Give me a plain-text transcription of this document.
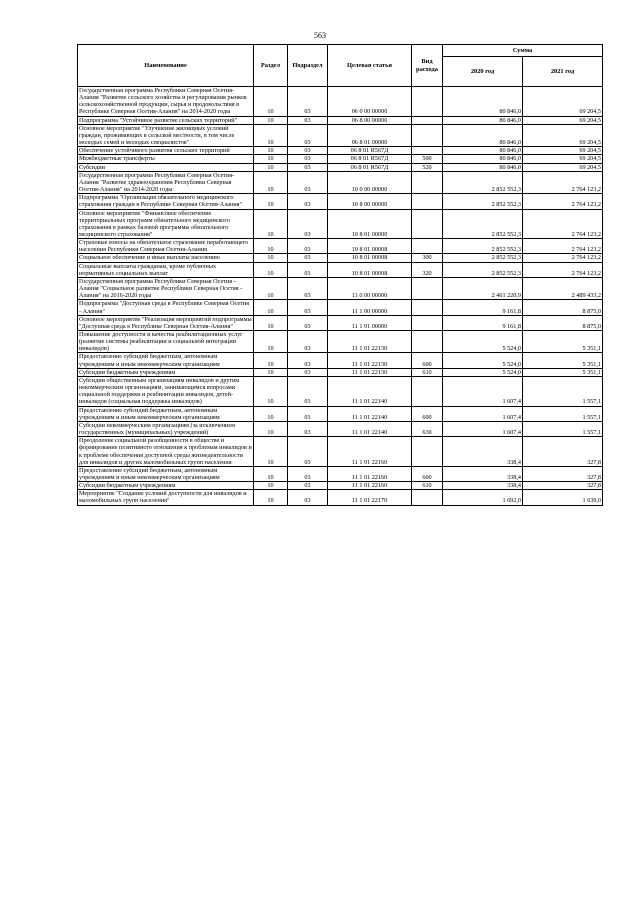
563
Наименование	Раздел	Подраздел	Целевая статья	Вид расхода	Сумма	
					2020 год	2021 год
Государственная программа Республики Северная Осетия-Алания "Развитие сельского хозяйства и регулирования рынков сельскохозяйственной продукции, сырья и продовольствия в Республике Северная Осетия-Алания" на 2014-2020 годы	10	03	06 0 00 00000		80 846,0	69 204,5
Подпрограмма "Устойчивое развитие сельских территорий"	10	03	06 8 00 00000		80 846,0	69 204,5
Основное мероприятие "Улучшение жилищных условий граждан, проживающих в сельской местности, в том числе молодых семей и молодых специалистов"	10	03	06 8 01 00000		80 846,0	69 204,5
Обеспечение устойчивого развития сельских территорий	10	03	06 8 01 R567Д		80 846,0	69 204,5
Межбюджетные трансферты	10	03	06 8 01 R567Д	500	80 846,0	69 204,5
Субсидии	10	03	06 8 01 R567Д	520	80 846,0	69 204,5
Государственная программа Республики Северная Осетия-Алания "Развитие здравоохранения Республики Северная Осетия-Алания" на 2014-2020 годы	10	03	10 0 00 00000		2 852 552,3	2 764 123,2
Подпрограмма "Организация обязательного медицинского страхования граждан в Республике Северная Осетия-Алания"	10	03	10 8 00 00000		2 852 552,3	2 764 123,2
Основное мероприятие "Финансовое обеспечение территориальных программ обязательного медицинского страхования в рамках базовой программы обязательного медицинского страхования"	10	03	10 8 01 00000		2 852 552,3	2 764 123,2
Страховые взносы на обязательное страхование неработающего населения Республики Северная Осетия-Алания	10	03	10 8 01 00008		2 852 552,3	2 764 123,2
Социальное обеспечение и иные выплаты населению	10	03	10 8 01 00008	300	2 852 552,3	2 764 123,2
Социальные выплаты гражданам, кроме публичных нормативных социальных выплат	10	03	10 8 01 00008	320	2 852 552,3	2 764 123,2
Государственная программа Республики Северная Осетия - Алания "Социальное развитие Республики Северная Осетия - Алания" на 2016-2020 годы	10	03	11 0 00 00000		2 461 220,9	2 489 433,2
Подпрограмма "Доступная среда в Республике Северная Осетия - Алания"	10	03	11 1 00 00000		9 161,8	8 875,0
Основное мероприятие "Реализация мероприятий подпрограммы "Доступная среда в Республике Северная Осетия-Алания"	10	03	11 1 01 00000		9 161,8	8 875,0
Повышение доступности и качества реабилитационных услуг (развитие системы реабилитации и социальной интеграции инвалидов)	10	03	11 1 01 22130		5 524,0	5 351,1
Предоставление субсидий бюджетным, автономным учреждениям и иным некоммерческим организациям	10	03	11 1 01 22130	600	5 524,0	5 351,1
Субсидии бюджетным учреждениям	10	03	11 1 01 22130	610	5 524,0	5 351,1
Субсидии общественным организациям инвалидов и другим некоммерческим организациям, занимающимся вопросами социальной поддержки и реабилитации инвалидов, детей-инвалидов (социальная поддержка инвалидов)	10	03	11 1 01 22140		1 607,4	1 557,1
Предоставление субсидий бюджетным, автономным учреждениям и иным некоммерческим организациям	10	03	11 1 01 22140	600	1 607,4	1 557,1
Субсидии некоммерческим организациям (за исключением государственных (муниципальных) учреждений)	10	03	11 1 01 22140	630	1 607,4	1 557,1
Преодоление социальной разобщенности в обществе и формирование позитивного отношения к проблемам инвалидов и к проблеме обеспечения доступной среды жизнедеятельности для инвалидов и других маломобильных групп населения	10	03	11 1 01 22160		338,4	327,8
Предоставление субсидий бюджетным, автономным учреждениям и иным некоммерческим организациям	10	03	11 1 01 22160	600	338,4	327,8
Субсидии бюджетным учреждениям	10	03	11 1 01 22160	610	338,4	327,8
Мероприятие "Создание условий доступности для инвалидов и маломобильных групп населения"	10	03	11 1 01 22170		1 692,0	1 639,0
